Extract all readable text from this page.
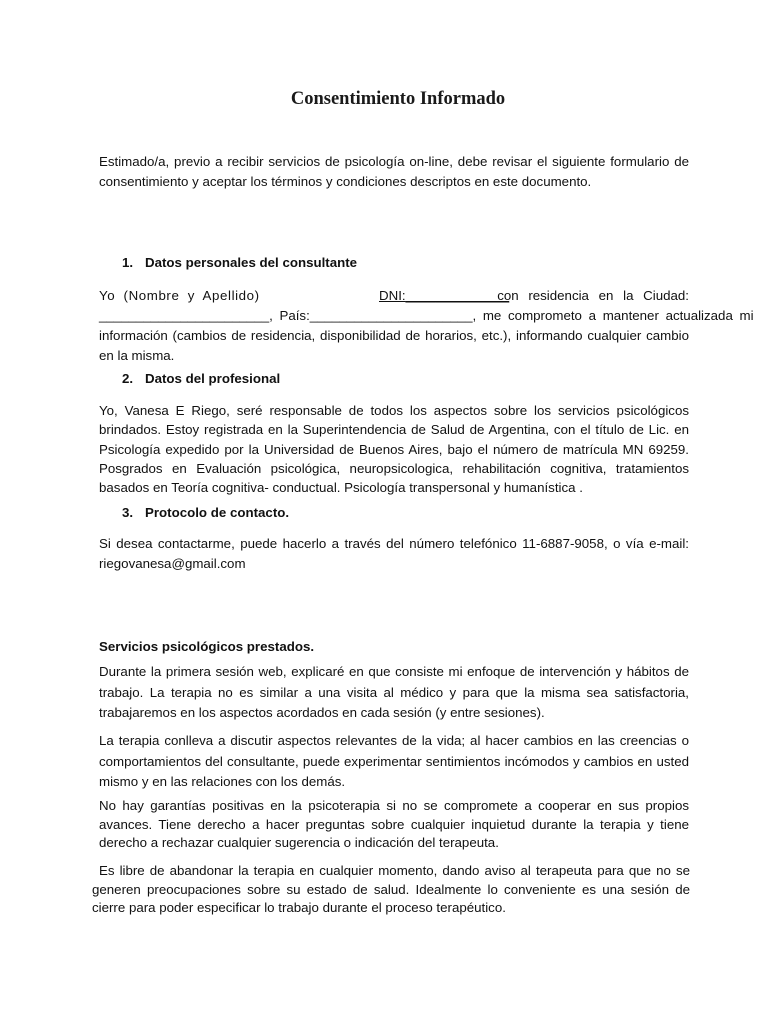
Consentimiento Informado

Estimado/a, previo a recibir servicios de psicología on-line, debe revisar el siguiente formulario de consentimiento y aceptar los términos y condiciones descriptos en este documento.

1. Datos personales del consultante
Yo (Nombre y Apellido)	DNI:______________
__con residencia en la Ciudad:
_______________________, País:______________________, me comprometo a mantener actualizada mi
información (cambios de residencia, disponibilidad de horarios, etc.), informando cualquier cambio en la misma.
2. Datos del profesional

Yo, Vanesa E Riego, seré responsable de todos los aspectos sobre los servicios psicológicos brindados. Estoy registrada en la Superintendencia de Salud de Argentina, con el título de Lic. en Psicología expedido por la Universidad de Buenos Aires, bajo el número de matrícula MN 69259. Posgrados en Evaluación psicológica, neuropsicologica, rehabilitación cognitiva, tratamientos basados en Teoría cognitiva- conductual. Psicología transpersonal y humanística .

3. Protocolo de contacto.

Si desea contactarme, puede hacerlo a través del número telefónico 11-6887-9058, o vía e-mail: riegovanesa@gmail.com

Servicios psicológicos prestados.

Durante la primera sesión web, explicaré en que consiste mi enfoque de intervención y hábitos de trabajo. La terapia no es similar a una visita al médico y para que la misma sea satisfactoria, trabajaremos en los aspectos acordados en cada sesión (y entre sesiones).

La terapia conlleva a discutir aspectos relevantes de la vida; al hacer cambios en las creencias o comportamientos del consultante, puede experimentar sentimientos incómodos y cambios en usted mismo y en las relaciones con los demás.

No hay garantías positivas en la psicoterapia si no se compromete a cooperar en sus propios avances. Tiene derecho a hacer preguntas sobre cualquier inquietud durante la terapia y tiene derecho a rechazar cualquier sugerencia o indicación del terapeuta.

Es libre de abandonar la terapia en cualquier momento, dando aviso al terapeuta para que no se generen preocupaciones sobre su estado de salud. Idealmente lo conveniente es una sesión de cierre para poder especificar lo trabajo durante el proceso terapéutico.
